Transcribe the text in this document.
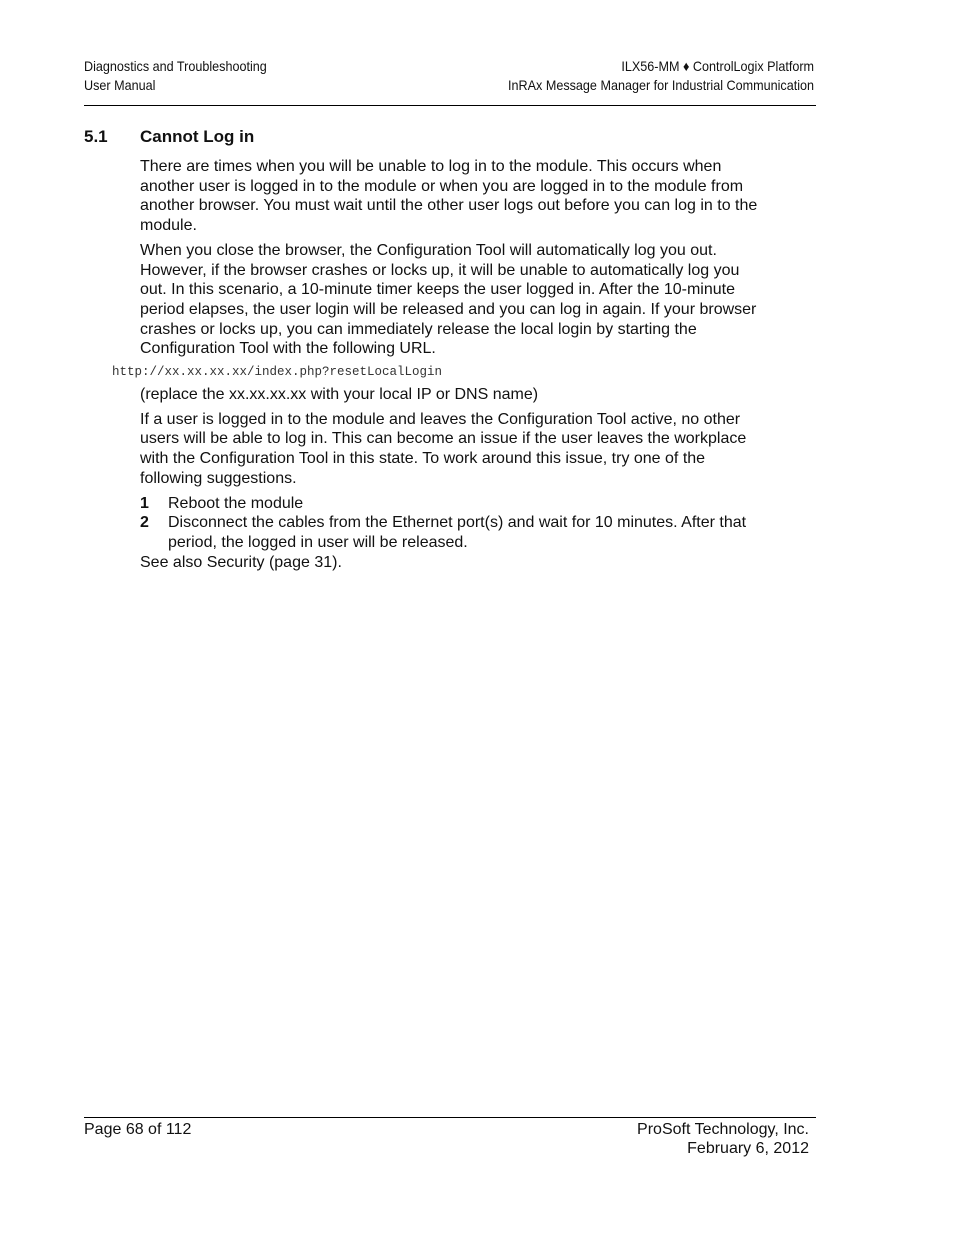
Diagnostics and Troubleshooting
User Manual
ILX56-MM ♦ ControlLogix Platform
InRAx Message Manager for Industrial Communication
5.1 Cannot Log in

There are times when you will be unable to log in to the module. This occurs when another user is logged in to the module or when you are logged in to the module from another browser. You must wait until the other user logs out before you can log in to the module.

When you close the browser, the Configuration Tool will automatically log you out. However, if the browser crashes or locks up, it will be unable to automatically log you out. In this scenario, a 10-minute timer keeps the user logged in. After the 10-minute period elapses, the user login will be released and you can log in again. If your browser crashes or locks up, you can immediately release the local login by starting the Configuration Tool with the following URL.

http://xx.xx.xx.xx/index.php?resetLocalLogin

(replace the xx.xx.xx.xx with your local IP or DNS name)

If a user is logged in to the module and leaves the Configuration Tool active, no other users will be able to log in. This can become an issue if the user leaves the workplace with the Configuration Tool in this state. To work around this issue, try one of the following suggestions.

1 Reboot the module
2 Disconnect the cables from the Ethernet port(s) and wait for 10 minutes. After that period, the logged in user will be released.

See also Security (page 31).

Page 68 of 112	ProSoft Technology, Inc.
February 6, 2012
